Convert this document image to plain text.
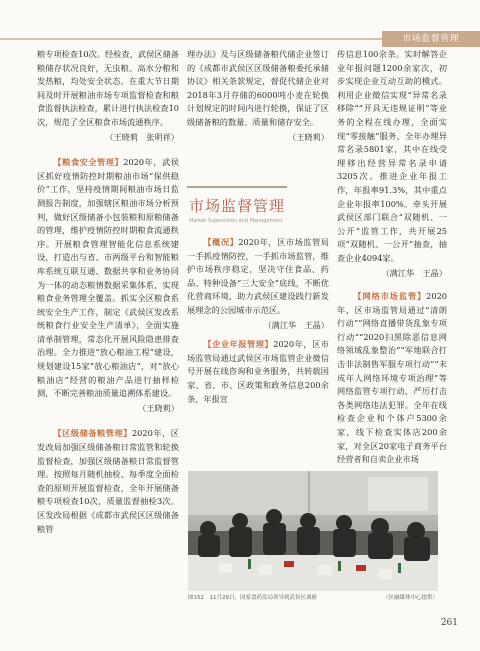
市场监督管理

粮专项检查10次。经检查，武侯区储备粮储存状况良好，无虫粮、高水分粮和发热粮，均处安全状态。在重大节日期间及时开展粮油市场专项监督检查和粮食监督执法检查，累计进行执法检查10次，规范了全区粮食市场流通秩序。

（王晓莉　张明祥）

【粮食安全管理】2020年，武侯区抓好疫情防控时期粮油市场“保供稳价”工作，坚持疫情期间粮油市场日监测报告制度，加强辖区粮油市场分析预判，做好区级储备小包装粮和原粮储备的管理，维护疫情防控时期粮食流通秩序。开展粮食管理智能化信息系统建设，打造出与省、市两级平台和智能粮库系统互联互通、数据共享和业务协同为一体的动态粮情数据采集体系，实现粮食业务管理全覆盖。抓实全区粮食系统安全生产工作，制定《武侯区发改系统粮食行业安全生产清单》，全面实施清单制管理，常态化开展风险隐患排查治理。全力推进“放心粮油工程”建设，规划建设15家“放心粮油店”，对“放心粮油店”经营的粮油产品进行抽样检测，不断完善粮油质量追溯体系建设。

（王晓莉）

【区级储备粮管理】2020年，区发改局加强区级储备粮日常监管和轮换监督检查，加强区级储备粮日常监督管理。按照每月随机抽检、每季度全面检查的原则开展监督检查，全年开展储备粮专项检查10次，质量监督抽检3次。区发改局根据《成都市武侯区区级储备粮管

理办法》及与区级储备粮代储企业签订的《成都市武侯区区级储备粮委托承储协议》相关条款规定，督促代储企业对2018年3月存储的6000吨小麦在轮换计划规定的时间内进行轮换，保证了区级储备粮的数量、质量和储存安全。

（王晓莉）

市场监督管理
Market Supervision and Management

【概况】2020年，区市场监管局一手抓疫情防控，一手抓市场监管，维护市场秩序稳定，坚决守住食品、药品、特种设备“三大安全”底线，不断优化营商环境，助力武侯区建设践行新发展理念的公园城市示范区。

（满江华　王晶）

【企业年报管理】2020年，区市场监管局通过武侯区市场监管企业微信号开展在线咨询和业务服务，共转载国家、省、市、区政策和政务信息200余条，年报宣

传信息100余条。实时解答企业年报问题1200余家次，初步实现企业互动互助的模式。利用企业微信实现“异常名录移除”“开具无违规证明”等业务的全程在线办理，全面实现“零接触”服务，全年办理异常名录5801家，其中在线受理移出经营异常名录申请3205次。推进企业年报工作，年报率91.3%，其中重点企业年报率100%。牵头开展武侯区部门联合“双随机、一公开”监管工作，共开展25项“双随机、一公开”抽查，抽查企业4094家。

（满江华　王晶）

【网络市场监管】2020年，区市场监管局通过“清朗行动”“网络直播带货乱象专项行动”“2020扫黑除恶信息网络领域乱象整治”“军地联合打击非法制售军服专项行动”“未成年人网络环境专项治理”等网络监管专项行动，严厉打击各类网络违法犯罪。全年在线检查企业和个体户5300余家，线下检查实体店200余家，对全区20家电子商务平台经营者和自卖企业市场

图152　11月29日，国家食药监局领导到武侯区调研	（区融媒体中心提供）
261
